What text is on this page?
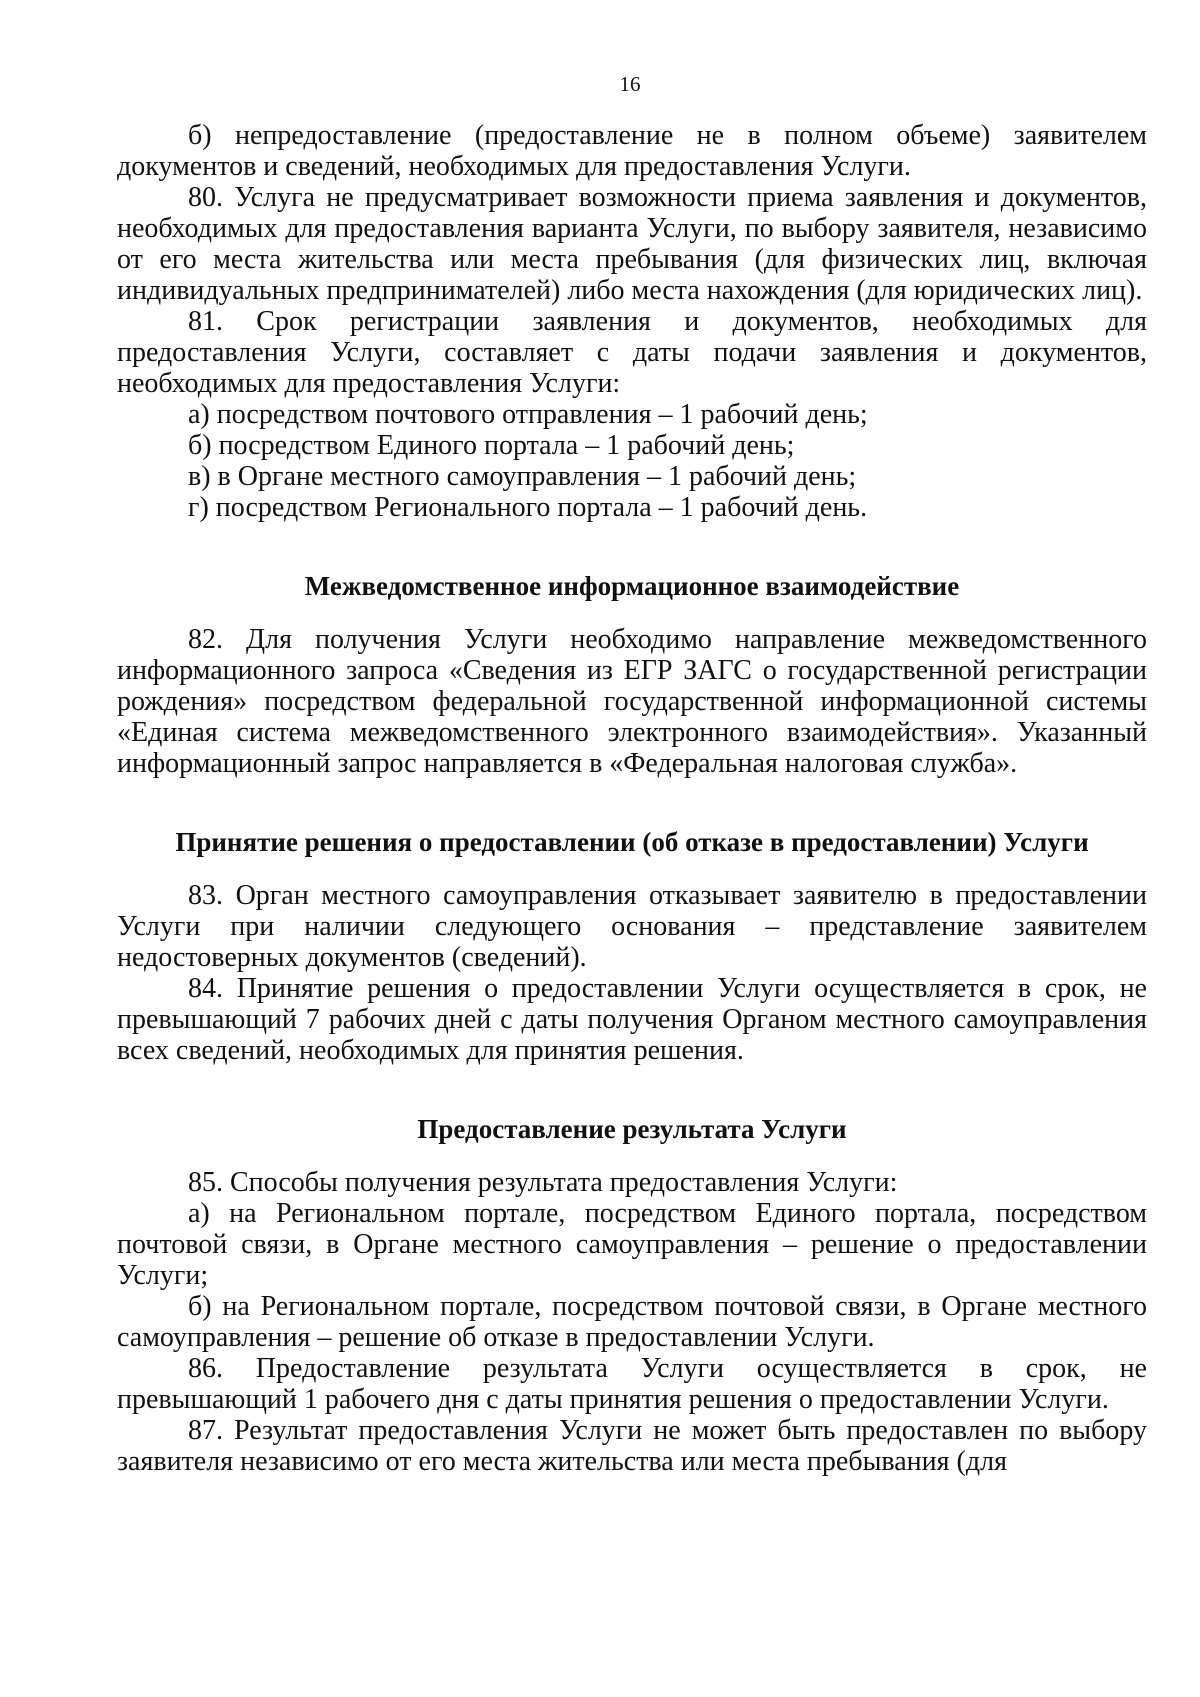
16

б) непредоставление (предоставление не в полном объеме) заявителем документов и сведений, необходимых для предоставления Услуги.

80. Услуга не предусматривает возможности приема заявления и документов, необходимых для предоставления варианта Услуги, по выбору заявителя, независимо от его места жительства или места пребывания (для физических лиц, включая индивидуальных предпринимателей) либо места нахождения (для юридических лиц).

81. Срок регистрации заявления и документов, необходимых для предоставления Услуги, составляет с даты подачи заявления и документов, необходимых для предоставления Услуги:

а) посредством почтового отправления – 1 рабочий день;

б) посредством Единого портала – 1 рабочий день;

в) в Органе местного самоуправления – 1 рабочий день;

г) посредством Регионального портала – 1 рабочий день.

Межведомственное информационное взаимодействие

82. Для получения Услуги необходимо направление межведомственного информационного запроса «Сведения из ЕГР ЗАГС о государственной регистрации рождения» посредством федеральной государственной информационной системы «Единая система межведомственного электронного взаимодействия». Указанный информационный запрос направляется в «Федеральная налоговая служба».

Принятие решения о предоставлении (об отказе в предоставлении) Услуги

83. Орган местного самоуправления отказывает заявителю в предоставлении Услуги при наличии следующего основания – представление заявителем недостоверных документов (сведений).

84. Принятие решения о предоставлении Услуги осуществляется в срок, не превышающий 7 рабочих дней с даты получения Органом местного самоуправления всех сведений, необходимых для принятия решения.

Предоставление результата Услуги

85. Способы получения результата предоставления Услуги:

а) на Региональном портале, посредством Единого портала, посредством почтовой связи, в Органе местного самоуправления – решение о предоставлении Услуги;

б) на Региональном портале, посредством почтовой связи, в Органе местного самоуправления – решение об отказе в предоставлении Услуги.

86. Предоставление результата Услуги осуществляется в срок, не превышающий 1 рабочего дня с даты принятия решения о предоставлении Услуги.

87. Результат предоставления Услуги не может быть предоставлен по выбору заявителя независимо от его места жительства или места пребывания (для
